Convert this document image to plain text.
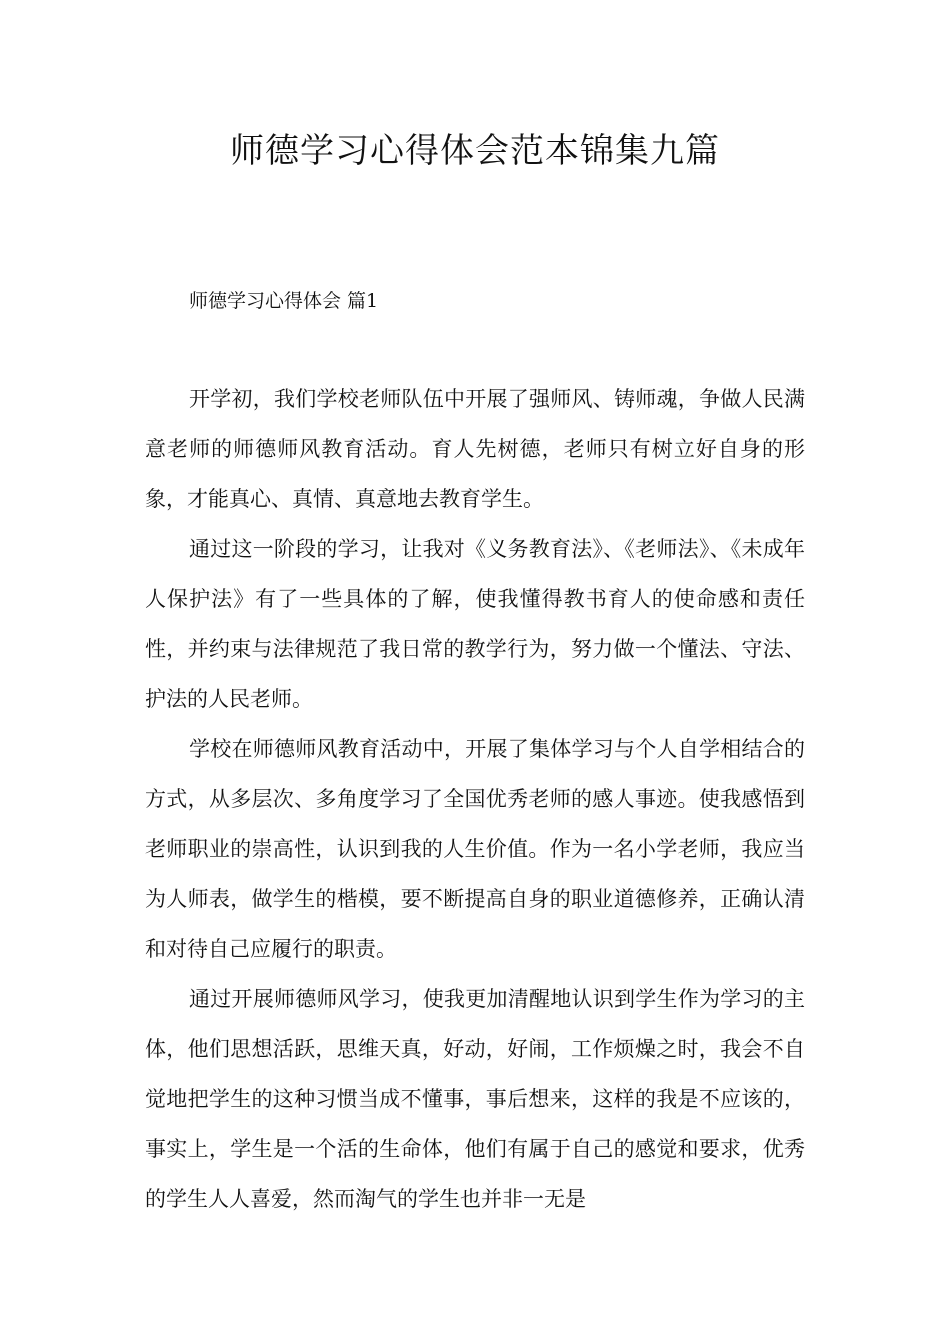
师德学习心得体会范本锦集九篇
师德学习心得体会 篇1

开学初，我们学校老师队伍中开展了强师风、铸师魂，争做人民满意老师的师德师风教育活动。育人先树德，老师只有树立好自身的形象，才能真心、真情、真意地去教育学生。

通过这一阶段的学习，让我对《义务教育法》、《老师法》、《未成年人保护法》有了一些具体的了解，使我懂得教书育人的使命感和责任性，并约束与法律规范了我日常的教学行为，努力做一个懂法、守法、护法的人民老师。

学校在师德师风教育活动中，开展了集体学习与个人自学相结合的方式，从多层次、多角度学习了全国优秀老师的感人事迹。使我感悟到老师职业的崇高性，认识到我的人生价值。作为一名小学老师，我应当为人师表，做学生的楷模，要不断提高自身的职业道德修养，正确认清和对待自己应履行的职责。

通过开展师德师风学习，使我更加清醒地认识到学生作为学习的主体，他们思想活跃，思维天真，好动，好闹，工作烦燥之时，我会不自觉地把学生的这种习惯当成不懂事，事后想来，这样的我是不应该的，事实上，学生是一个活的生命体，他们有属于自己的感觉和要求，优秀的学生人人喜爱，然而淘气的学生也并非一无是
